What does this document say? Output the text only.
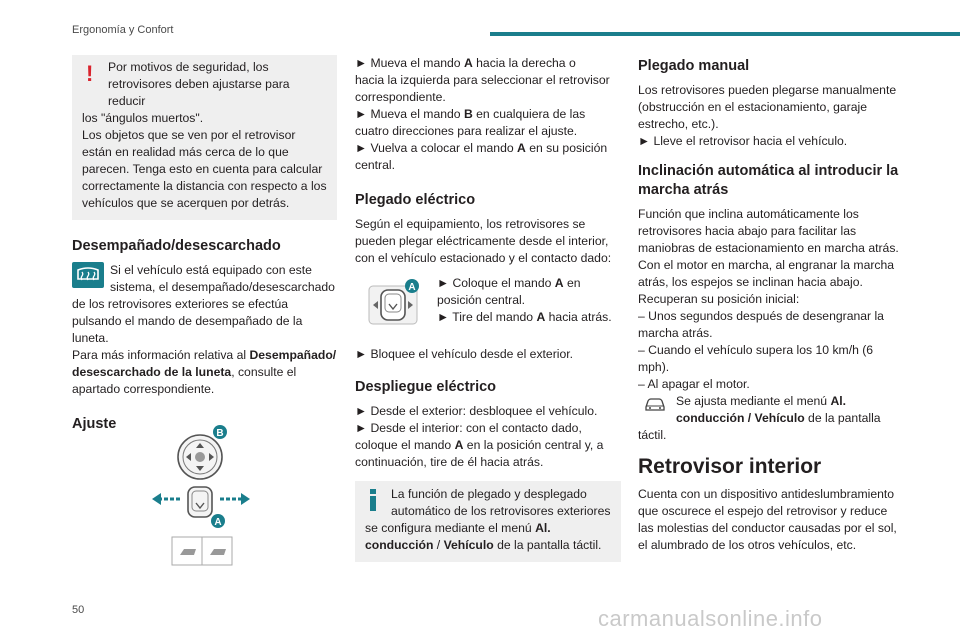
Ergonomía y Confort
!	Por motivos de seguridad, los
retrovisores deben ajustarse para reducir
los "ángulos muertos".
Los objetos que se ven por el retrovisor
están en realidad más cerca de lo que
parecen. Tenga esto en cuenta para calcular
correctamente la distancia con respecto a los
vehículos que se acerquen por detrás.
Desempañado/desescarchado
Si el vehículo está equipado con este
sistema, el desempañado/desescarchado
de los retrovisores exteriores se efectúa
pulsando el mando de desempañado de la
luneta.
Para más información relativa al Desempañado/
desescarchado de la luneta, consulte el
apartado correspondiente.
Ajuste
B
A
► Mueva el mando A hacia la derecha o
hacia la izquierda para seleccionar el retrovisor
correspondiente.
► Mueva el mando B en cualquiera de las
cuatro direcciones para realizar el ajuste.
► Vuelva a colocar el mando A en su posición
central.
Plegado eléctrico
Según el equipamiento, los retrovisores se
pueden plegar eléctricamente desde el interior,
con el vehículo estacionado y el contacto dado:
A ► Coloque el mando A en
posición central.
► Tire del mando A hacia atrás.
► Bloquee el vehículo desde el exterior.
Despliegue eléctrico
► Desde el exterior: desbloquee el vehículo.
► Desde el interior: con el contacto dado,
coloque el mando A en la posición central y, a
continuación, tire de él hacia atrás.
La función de plegado y desplegado
automático de los retrovisores exteriores
se configura mediante el menú Al.
conducción / Vehículo de la pantalla táctil.
Plegado manual
Los retrovisores pueden plegarse manualmente
(obstrucción en el estacionamiento, garaje
estrecho, etc.).
► Lleve el retrovisor hacia el vehículo.
Inclinación automática al introducir la
marcha atrás
Función que inclina automáticamente los
retrovisores hacia abajo para facilitar las
maniobras de estacionamiento en marcha atrás.
Con el motor en marcha, al engranar la marcha
atrás, los espejos se inclinan hacia abajo.
Recuperan su posición inicial:
– Unos segundos después de desengranar la
marcha atrás.
– Cuando el vehículo supera los 10 km/h (6
mph).
– Al apagar el motor.
Se ajusta mediante el menú Al.
conducción / Vehículo de la pantalla
táctil.
Retrovisor interior
Cuenta con un dispositivo antideslumbramiento
que oscurece el espejo del retrovisor y reduce
las molestias del conductor causadas por el sol,
el alumbrado de los otros vehículos, etc.
50	carmanualsonline.info
